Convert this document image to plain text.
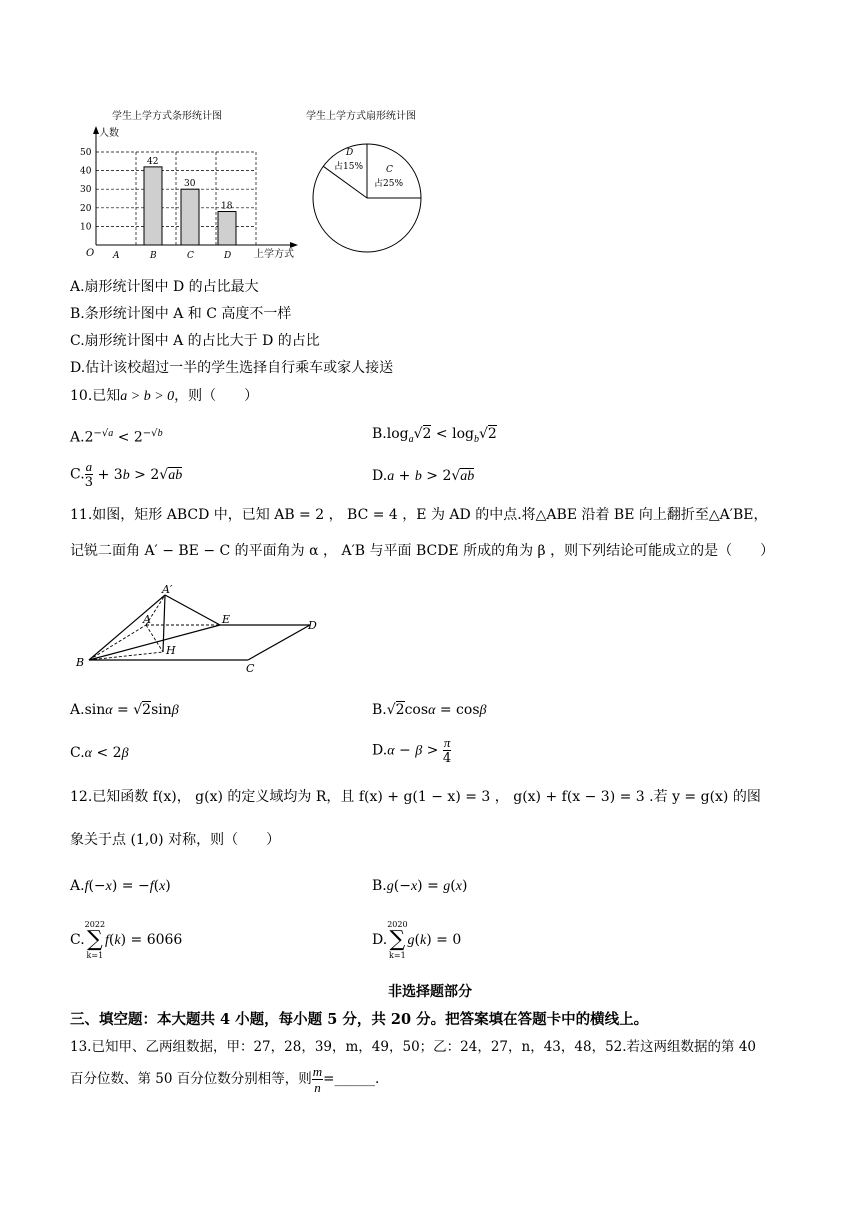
学生上学方式条形统计图
人数
上学方式
O
10
20
30
40
50
A	B	C	D
42
30
18
学生上学方式扇形统计图
D
占15%	C
占25%
A.扇形统计图中 D 的占比最大
B.条形统计图中 A 和 C 高度不一样
C.扇形统计图中 A 的占比大于 D 的占比
D.估计该校超过一半的学生选择自行乘车或家人接送
10.已知a > b > 0，则（　　）
$A.2^{-√a} < 2^{-√b}$	$B.\log_a√2 < \log_b√2$
C. $\frac{a}{3} + 3b > 2√ab$	D.a + b > 2√ab
11.如图，矩形 ABCD 中，已知 AB = 2 ， BC = 4 ，E 为 AD 的中点.将△ABE 沿着 BE 向上翻折至△A′BE，
记锐二面角 A′ − BE − C 的平面角为 α ， A′B 与平面 BCDE 所成的角为 β ，则下列结论可能成立的是（　　）
A′
A	E	D
B
H
C
A.sinα = √2sinβ	B.√2cosα = cosβ
C.α < 2β	$D.\alpha - \beta > \frac{\pi}{4}$
12.已知函数 f(x)， g(x) 的定义域均为 R，且 f(x) + g(1 − x) = 3 ， g(x) + f(x − 3) = 3 .若 y = g(x) 的图
象关于点 (1,0) 对称，则（　　）
A.f(−x) = −f(x)	B.g(−x) = g(x)
C.
2022
∑
k=1
f(k) = 6066	D.
2020
∑
k=1
g(k) = 0
非选择题部分
三、填空题：本大题共 4 小题，每小题 5 分，共 20 分。把答案填在答题卡中的横线上。
13.已知甲、乙两组数据，甲：27，28，39，m，49，50；乙：24，27，n，43，48，52.若这两组数据的第 40
百分位数、第 50 百分位数分别相等，则 $\frac{m}{n}$ =______.
